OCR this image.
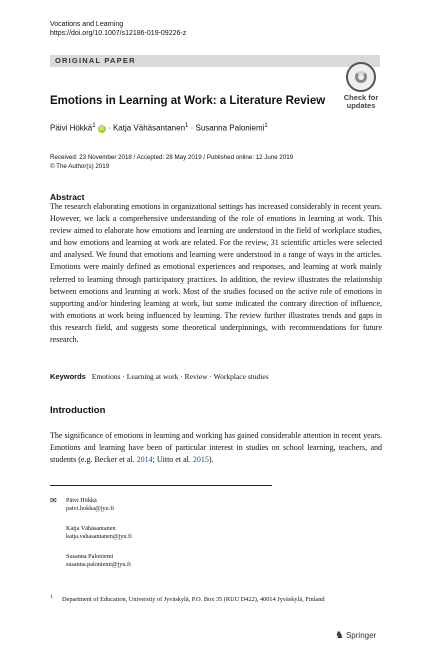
Vocations and Learning
https://doi.org/10.1007/s12186-019-09226-z
ORIGINAL PAPER
Check for
updates
Emotions in Learning at Work: a Literature Review
Päivi Hökkä$^1$ iD · Katja Vähäsantanen$^1$ · Susanna Paloniemi$^1$
Received: 23 November 2018 / Accepted: 28 May 2019 / Published online: 12 June 2019
© The Author(s) 2019
Abstract
The research elaborating emotions in organizational settings has increased considerably in recent years. However, we lack a comprehensive understanding of the role of emotions in learning at work. This review aimed to elaborate how emotions and learning are understood in the field of workplace studies, and how emotions and learning at work are related. For the review, 31 scientific articles were selected and analysed. We found that emotions and learning were understood in a range of ways in the articles. Emotions were mainly defined as emotional experiences and responses, and learning at work mainly referred to learning through participatory practices. In addition, the review illustrates the relationship between emotions and learning at work. Most of the studies focused on the active role of emotions in supporting and/or hindering learning at work, but some indicated the contrary direction of influence, with emotions at work being influenced by learning. The review further illustrates trends and gaps in this research field, and suggests some theoretical underpinnings, with recommendations for future research.
Keywords Emotions · Learning at work · Review · Workplace studies
Introduction
The significance of emotions in learning and working has gained considerable attention in recent years. Emotions and learning have been of particular interest in studies on school learning, teachers, and students (e.g. Becker et al. 2014; Uitto et al. 2015).
✉ Päivi Hökkä
paivi.hokka@jyu.fi
Katja Vähäsantanen
katja.vahasantanen@jyu.fi
Susanna Paloniemi
susanna.paloniemi@jyu.fi
1 Department of Education, University of Jyväskylä, P.O. Box 35 (RUU D422), 40014 Jyväskylä, Finland
♞ Springer
